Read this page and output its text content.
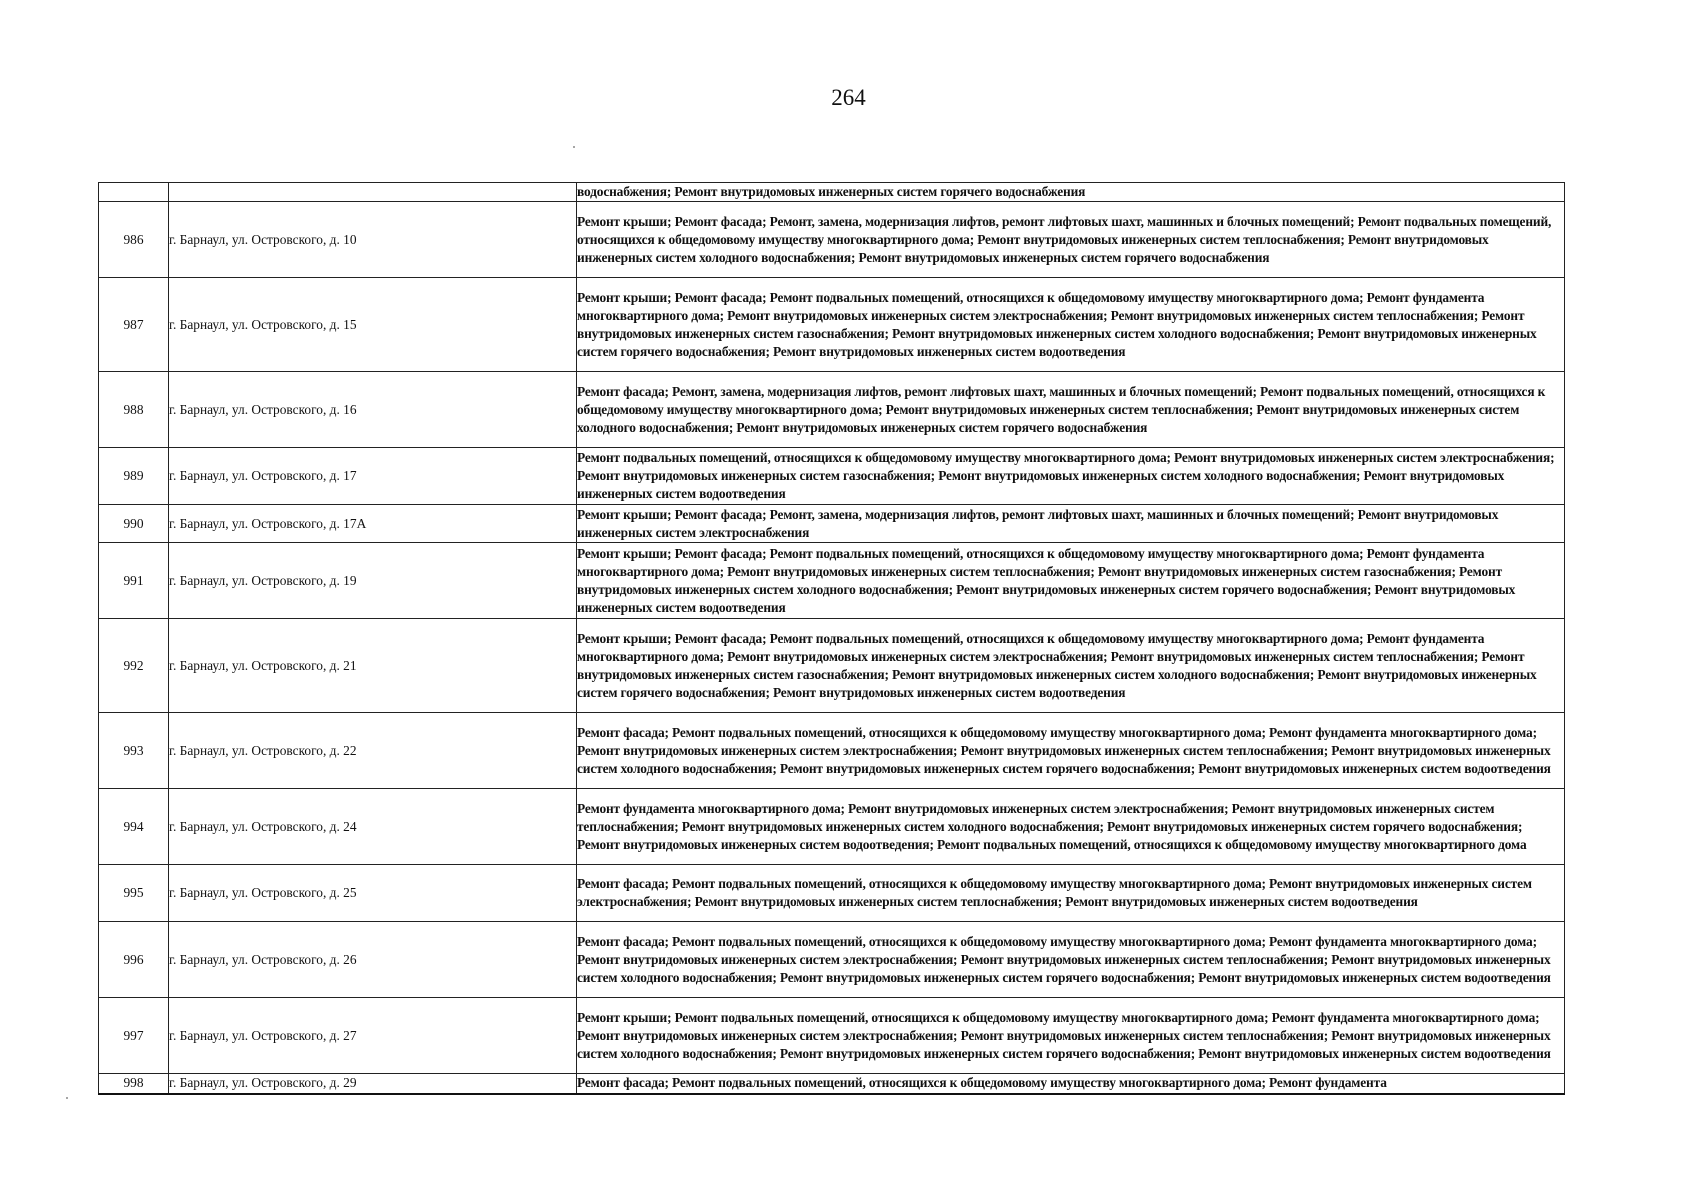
264
		водоснабжения; Ремонт внутридомовых инженерных систем горячего водоснабжения
986	г. Барнаул, ул. Островского, д. 10	Ремонт крыши; Ремонт фасада; Ремонт, замена, модернизация лифтов, ремонт лифтовых шахт, машинных и блочных помещений; Ремонт подвальных помещений, относящихся к общедомовому имуществу многоквартирного дома; Ремонт внутридомовых инженерных систем теплоснабжения; Ремонт внутридомовых инженерных систем холодного водоснабжения; Ремонт внутридомовых инженерных систем горячего водоснабжения
987	г. Барнаул, ул. Островского, д. 15	Ремонт крыши; Ремонт фасада; Ремонт подвальных помещений, относящихся к общедомовому имуществу многоквартирного дома; Ремонт фундамента многоквартирного дома; Ремонт внутридомовых инженерных систем электроснабжения; Ремонт внутридомовых инженерных систем теплоснабжения; Ремонт внутридомовых инженерных систем газоснабжения; Ремонт внутридомовых инженерных систем холодного водоснабжения; Ремонт внутридомовых инженерных систем горячего водоснабжения; Ремонт внутридомовых инженерных систем водоотведения
988	г. Барнаул, ул. Островского, д. 16	Ремонт фасада; Ремонт, замена, модернизация лифтов, ремонт лифтовых шахт, машинных и блочных помещений; Ремонт подвальных помещений, относящихся к общедомовому имуществу многоквартирного дома; Ремонт внутридомовых инженерных систем теплоснабжения; Ремонт внутридомовых инженерных систем холодного водоснабжения; Ремонт внутридомовых инженерных систем горячего водоснабжения
989	г. Барнаул, ул. Островского, д. 17	Ремонт подвальных помещений, относящихся к общедомовому имуществу многоквартирного дома; Ремонт внутридомовых инженерных систем электроснабжения; Ремонт внутридомовых инженерных систем газоснабжения; Ремонт внутридомовых инженерных систем холодного водоснабжения; Ремонт внутридомовых инженерных систем водоотведения
990	г. Барнаул, ул. Островского, д. 17А	Ремонт крыши; Ремонт фасада; Ремонт, замена, модернизация лифтов, ремонт лифтовых шахт, машинных и блочных помещений; Ремонт внутридомовых инженерных систем электроснабжения
991	г. Барнаул, ул. Островского, д. 19	Ремонт крыши; Ремонт фасада; Ремонт подвальных помещений, относящихся к общедомовому имуществу многоквартирного дома; Ремонт фундамента многоквартирного дома; Ремонт внутридомовых инженерных систем теплоснабжения; Ремонт внутридомовых инженерных систем газоснабжения; Ремонт внутридомовых инженерных систем холодного водоснабжения; Ремонт внутридомовых инженерных систем горячего водоснабжения; Ремонт внутридомовых инженерных систем водоотведения
992	г. Барнаул, ул. Островского, д. 21	Ремонт крыши; Ремонт фасада; Ремонт подвальных помещений, относящихся к общедомовому имуществу многоквартирного дома; Ремонт фундамента многоквартирного дома; Ремонт внутридомовых инженерных систем электроснабжения; Ремонт внутридомовых инженерных систем теплоснабжения; Ремонт внутридомовых инженерных систем газоснабжения; Ремонт внутридомовых инженерных систем холодного водоснабжения; Ремонт внутридомовых инженерных систем горячего водоснабжения; Ремонт внутридомовых инженерных систем водоотведения
993	г. Барнаул, ул. Островского, д. 22	Ремонт фасада; Ремонт подвальных помещений, относящихся к общедомовому имуществу многоквартирного дома; Ремонт фундамента многоквартирного дома; Ремонт внутридомовых инженерных систем электроснабжения; Ремонт внутридомовых инженерных систем теплоснабжения; Ремонт внутридомовых инженерных систем холодного водоснабжения; Ремонт внутридомовых инженерных систем горячего водоснабжения; Ремонт внутридомовых инженерных систем водоотведения
994	г. Барнаул, ул. Островского, д. 24	Ремонт фундамента многоквартирного дома; Ремонт внутридомовых инженерных систем электроснабжения; Ремонт внутридомовых инженерных систем теплоснабжения; Ремонт внутридомовых инженерных систем холодного водоснабжения; Ремонт внутридомовых инженерных систем горячего водоснабжения; Ремонт внутридомовых инженерных систем водоотведения; Ремонт подвальных помещений, относящихся к общедомовому имуществу многоквартирного дома
995	г. Барнаул, ул. Островского, д. 25	Ремонт фасада; Ремонт подвальных помещений, относящихся к общедомовому имуществу многоквартирного дома; Ремонт внутридомовых инженерных систем электроснабжения; Ремонт внутридомовых инженерных систем теплоснабжения; Ремонт внутридомовых инженерных систем водоотведения
996	г. Барнаул, ул. Островского, д. 26	Ремонт фасада; Ремонт подвальных помещений, относящихся к общедомовому имуществу многоквартирного дома; Ремонт фундамента многоквартирного дома; Ремонт внутридомовых инженерных систем электроснабжения; Ремонт внутридомовых инженерных систем теплоснабжения; Ремонт внутридомовых инженерных систем холодного водоснабжения; Ремонт внутридомовых инженерных систем горячего водоснабжения; Ремонт внутридомовых инженерных систем водоотведения
997	г. Барнаул, ул. Островского, д. 27	Ремонт крыши; Ремонт подвальных помещений, относящихся к общедомовому имуществу многоквартирного дома; Ремонт фундамента многоквартирного дома; Ремонт внутридомовых инженерных систем электроснабжения; Ремонт внутридомовых инженерных систем теплоснабжения; Ремонт внутридомовых инженерных систем холодного водоснабжения; Ремонт внутридомовых инженерных систем горячего водоснабжения; Ремонт внутридомовых инженерных систем водоотведения
998	г. Барнаул, ул. Островского, д. 29	Ремонт фасада; Ремонт подвальных помещений, относящихся к общедомовому имуществу многоквартирного дома; Ремонт фундамента
